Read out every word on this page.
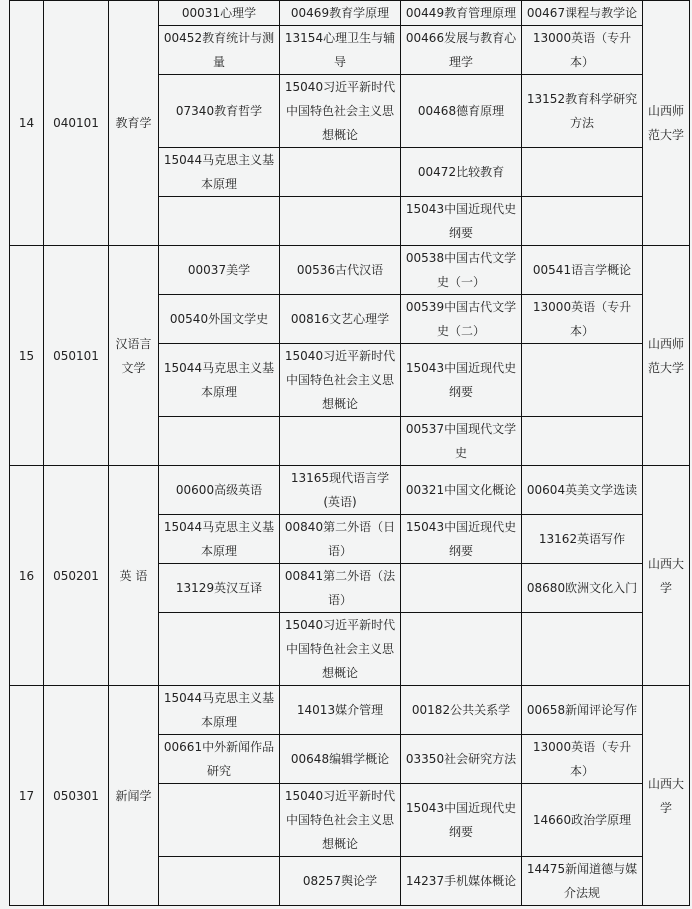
14	040101	教育学	00031心理学	00469教育学原理	00449教育管理原理	00467课程与教学论	山西师范大学
			00452教育统计与测量	13154心理卫生与辅导	00466发展与教育心理学	13000英语（专升本）	
			07340教育哲学	15040习近平新时代中国特色社会主义思想概论	00468德育原理	13152教育科学研究方法	
			15044马克思主义基本原理		00472比较教育		
					15043中国近现代史纲要		
15	050101	汉语言文学	00037美学	00536古代汉语	00538中国古代文学史（一）	00541语言学概论	山西师范大学
			00540外国文学史	00816文艺心理学	00539中国古代文学史（二）	13000英语（专升本）	
			15044马克思主义基本原理	15040习近平新时代中国特色社会主义思想概论	15043中国近现代史纲要		
					00537中国现代文学史		
16	050201	英 语	00600高级英语	13165现代语言学(英语)	00321中国文化概论	00604英美文学选读	山西大学
			15044马克思主义基本原理	00840第二外语（日语）	15043中国近现代史纲要	13162英语写作	
			13129英汉互译	00841第二外语（法语）		08680欧洲文化入门	
				15040习近平新时代中国特色社会主义思想概论			
17	050301	新闻学	15044马克思主义基本原理	14013媒介管理	00182公共关系学	00658新闻评论写作	山西大学
			00661中外新闻作品研究	00648编辑学概论	03350社会研究方法	13000英语（专升本）	
				15040习近平新时代中国特色社会主义思想概论	15043中国近现代史纲要	14660政治学原理	
				08257舆论学	14237手机媒体概论	14475新闻道德与媒介法规	
